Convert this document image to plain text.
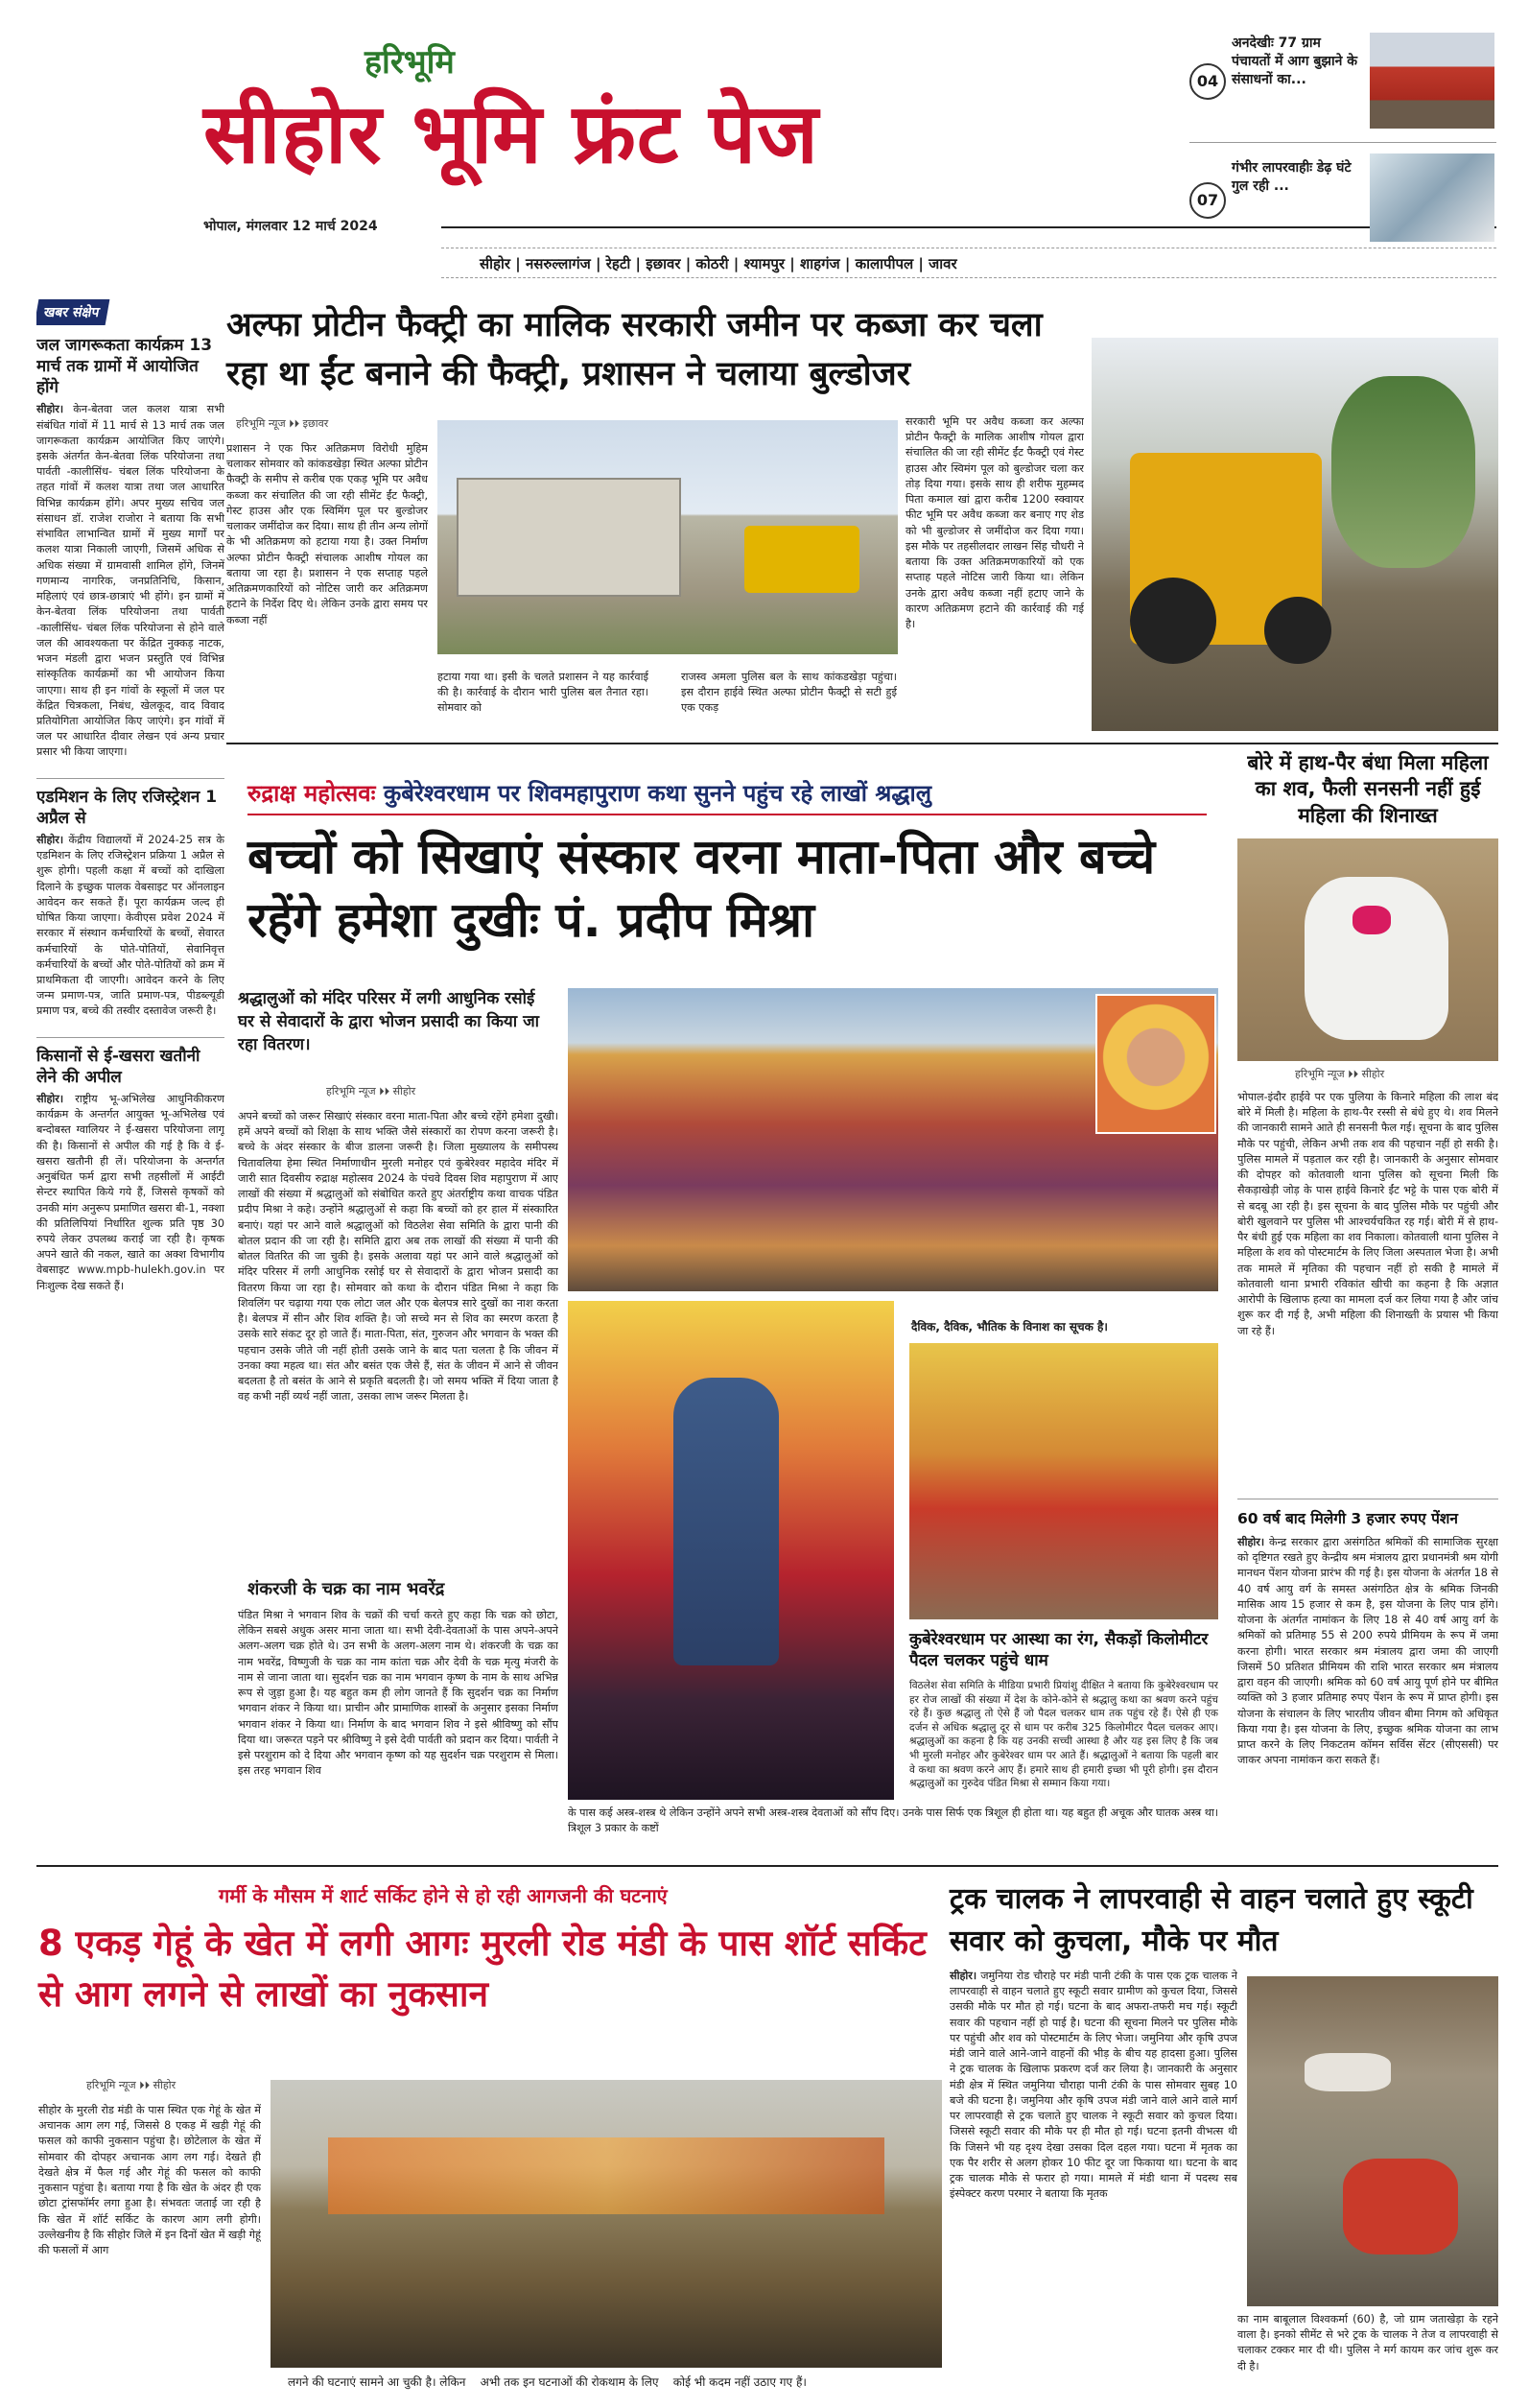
हरिभूमि
सीहोर भूमि फ्रंट पेज
भोपाल, मंगलवार 12 मार्च 2024
04
अनदेखीः 77 ग्राम पंचायतों में आग बुझाने के संसाधनों का...
07
गंभीर लापरवाहीः डेढ़ घंटे गुल रही ...
सीहोर | नसरुल्लागंज | रेहटी | इछावर | कोठरी | श्यामपुर | शाहगंज | कालापीपल | जावर
खबर संक्षेप
जल जागरूकता कार्यक्रम 13 मार्च तक ग्रामों में आयोजित होंगे
सीहोर। केन-बेतवा जल कलश यात्रा सभी संबंधित गांवों में 11 मार्च से 13 मार्च तक जल जागरूकता कार्यक्रम आयोजित किए जाएंगे। इसके अंतर्गत केन-बेतवा लिंक परियोजना तथा पार्वती -कालीसिंध- चंबल लिंक परियोजना के तहत गांवों में कलश यात्रा तथा जल आधारित विभिन्न कार्यक्रम होंगे। अपर मुख्य सचिव जल संसाधन डॉ. राजेश राजोरा ने बताया कि सभी संभावित लाभान्वित ग्रामों में मुख्य मार्गों पर कलश यात्रा निकाली जाएगी, जिसमें अधिक से अधिक संख्या में ग्रामवासी शामिल होंगे, जिनमें गणमान्य नागरिक, जनप्रतिनिधि, किसान, महिलाएं एवं छात्र-छात्राएं भी होंगे। इन ग्रामों में केन-बेतवा लिंक परियोजना तथा पार्वती -कालीसिंध- चंबल लिंक परियोजना से होने वाले जल की आवश्यकता पर केंद्रित नुक्कड़ नाटक, भजन मंडली द्वारा भजन प्रस्तुति एवं विभिन्न सांस्कृतिक कार्यक्रमों का भी आयोजन किया जाएगा। साथ ही इन गांवों के स्कूलों में जल पर केंद्रित चित्रकला, निबंध, खेलकूद, वाद विवाद प्रतियोगिता आयोजित किए जाएंगे। इन गांवों में जल पर आधारित दीवार लेखन एवं अन्य प्रचार प्रसार भी किया जाएगा।
एडमिशन के लिए रजिस्ट्रेशन 1 अप्रैल से
सीहोर। केंद्रीय विद्यालयों में 2024-25 सत्र के एडमिशन के लिए रजिस्ट्रेशन प्रक्रिया 1 अप्रैल से शुरू होगी। पहली कक्षा में बच्चों को दाखिला दिलाने के इच्छुक पालक वेबसाइट पर ऑनलाइन आवेदन कर सकते हैं। पूरा कार्यक्रम जल्द ही घोषित किया जाएगा। केवीएस प्रवेश 2024 में सरकार में संस्थान कर्मचारियों के बच्चों, सेवारत कर्मचारियों के पोते-पोतियों, सेवानिवृत्त कर्मचारियों के बच्चों और पोते-पोतियों को क्रम में प्राथमिकता दी जाएगी। आवेदन करने के लिए जन्म प्रमाण-पत्र, जाति प्रमाण-पत्र, पीडब्ल्यूडी प्रमाण पत्र, बच्चे की तस्वीर दस्तावेज जरूरी है।
किसानों से ई-खसरा खतौनी लेने की अपील
सीहोर। राष्ट्रीय भू-अभिलेख आधुनिकीकरण कार्यक्रम के अन्तर्गत आयुक्त भू-अभिलेख एवं बन्दोबस्त ग्वालियर ने ई-खसरा परियोजना लागू की है। किसानों से अपील की गई है कि वे ई-खसरा खतौनी ही लें। परियोजना के अन्तर्गत अनुबंधित फर्म द्वारा सभी तहसीलों में आईटी सेन्टर स्थापित किये गये हैं, जिससे कृषकों को उनकी मांग अनुरूप प्रमाणित खसरा बी-1, नक्शा की प्रतिलिपियां निर्धारित शुल्क प्रति पृष्ठ 30 रुपये लेकर उपलब्ध कराई जा रही है। कृषक अपने खाते की नकल, खाते का अक्श विभागीय वेबसाइट www.mpb-hulekh.gov.in पर निःशुल्क देख सकते हैं।
अल्फा प्रोटीन फैक्ट्री का मालिक सरकारी जमीन पर कब्जा कर चला रहा था ईंट बनाने की फैक्ट्री, प्रशासन ने चलाया बुल्डोजर
हरिभूमि न्यूज ⏵⏵ इछावर
प्रशासन ने एक फिर अतिक्रमण विरोधी मुहिम चलाकर सोमवार को कांकडखेड़ा स्थित अल्फा प्रोटीन फैक्ट्री के समीप से करीब एक एकड़ भूमि पर अवैध कब्जा कर संचालित की जा रही सीमेंट ईंट फैक्ट्री, गेस्ट हाउस और एक स्विमिंग पूल पर बुल्डोजर चलाकर जमींदोज कर दिया। साथ ही तीन अन्य लोगों के भी अतिक्रमण को हटाया गया है। उक्त निर्माण अल्फा प्रोटीन फैक्ट्री संचालक आशीष गोयल का बताया जा रहा है। प्रशासन ने एक सप्ताह पहले अतिक्रमणकारियों को नोटिस जारी कर अतिक्रमण हटाने के निर्देश दिए थे। लेकिन उनके द्वारा समय पर कब्जा नहीं
हटाया गया था। इसी के चलते प्रशासन ने यह कार्रवाई की है। कार्रवाई के दौरान भारी पुलिस बल तैनात रहा। सोमवार को
राजस्व अमला पुलिस बल के साथ कांकडखेड़ा पहुंचा। इस दौरान हाईवे स्थित अल्फा प्रोटीन फैक्ट्री से सटी हुई एक एकड़
सरकारी भूमि पर अवैध कब्जा कर अल्फा प्रोटीन फैक्ट्री के मालिक आशीष गोयल द्वारा संचालित की जा रही सीमेंट ईंट फैक्ट्री एवं गेस्ट हाउस और स्विमंग पूल को बुल्डोजर चला कर तोड़ दिया गया। इसके साथ ही शरीफ मुहम्मद पिता कमाल खां द्वारा करीब 1200 स्क्वायर फीट भूमि पर अवैध कब्जा कर बनाए गए शेड को भी बुल्डोजर से जमींदोज कर दिया गया। इस मौके पर तहसीलदार लाखन सिंह चौधरी ने बताया कि उक्त अतिक्रमणकारियों को एक सप्ताह पहले नोटिस जारी किया था। लेकिन उनके द्वारा अवैध कब्जा नहीं हटाए जाने के कारण अतिक्रमण हटाने की कार्रवाई की गई है।
रुद्राक्ष महोत्सवः कुबेरेश्वरधाम पर शिवमहापुराण कथा सुनने पहुंच रहे लाखों श्रद्धालु
बच्चों को सिखाएं संस्कार वरना माता-पिता और बच्चे रहेंगे हमेशा दुखीः पं. प्रदीप मिश्रा
श्रद्धालुओं को मंदिर परिसर में लगी आधुनिक रसोई घर से सेवादारों के द्वारा भोजन प्रसादी का किया जा रहा वितरण।
हरिभूमि न्यूज ⏵⏵ सीहोर
अपने बच्चों को जरूर सिखाएं संस्कार वरना माता-पिता और बच्चे रहेंगे हमेशा दुखी। हमें अपने बच्चों को शिक्षा के साथ भक्ति जैसे संस्कारों का रोपण करना जरूरी है। बच्चे के अंदर संस्कार के बीज डालना जरूरी है। जिला मुख्यालय के समीपस्थ चितावलिया हेमा स्थित निर्माणाधीन मुरली मनोहर एवं कुबेरेश्वर महादेव मंदिर में जारी सात दिवसीय रुद्राक्ष महोत्सव 2024 के पंचवे दिवस शिव महापुराण में आए लाखों की संख्या में श्रद्धालुओं को संबोधित करते हुए अंतर्राष्ट्रीय कथा वाचक पंडित प्रदीप मिश्रा ने कहे। उन्होंने श्रद्धालुओं से कहा कि बच्चों को हर हाल में संस्कारित बनाएं। यहां पर आने वाले श्रद्धालुओं को विठलेश सेवा समिति के द्वारा पानी की बोतल प्रदान की जा रही है। समिति द्वारा अब तक लाखों की संख्या में पानी की बोतल वितरित की जा चुकी है। इसके अलावा यहां पर आने वाले श्रद्धालुओं को मंदिर परिसर में लगी आधुनिक रसोई घर से सेवादारों के द्वारा भोजन प्रसादी का वितरण किया जा रहा है। सोमवार को कथा के दौरान पंडित मिश्रा ने कहा कि शिवलिंग पर चढ़ाया गया एक लोटा जल और एक बेलपत्र सारे दुखों का नाश करता है। बेलपत्र में सीन और शिव शक्ति है। जो सच्चे मन से शिव का स्मरण करता है उसके सारे संकट दूर हो जाते हैं। माता-पिता, संत, गुरुजन और भगवान के भक्त की पहचान उसके जीते जी नहीं होती उसके जाने के बाद पता चलता है कि जीवन में उनका क्या महत्व था। संत और बसंत एक जैसे हैं, संत के जीवन में आने से जीवन बदलता है तो बसंत के आने से प्रकृति बदलती है। जो समय भक्ति में दिया जाता है वह कभी नहीं व्यर्थ नहीं जाता, उसका लाभ जरूर मिलता है।
शंकरजी के चक्र का नाम भवरेंद्र
पंडित मिश्रा ने भगवान शिव के चक्रों की चर्चा करते हुए कहा कि चक्र को छोटा, लेकिन सबसे अधुक असर माना जाता था। सभी देवी-देवताओं के पास अपने-अपने अलग-अलग चक्र होते थे। उन सभी के अलग-अलग नाम थे। शंकरजी के चक्र का नाम भवरेंद्र, विष्णुजी के चक्र का नाम कांता चक्र और देवी के चक्र मृत्यु मंजरी के नाम से जाना जाता था। सुदर्शन चक्र का नाम भगवान कृष्ण के नाम के साथ अभिन्न रूप से जुड़ा हुआ है। यह बहुत कम ही लोग जानते हैं कि सुदर्शन चक्र का निर्माण भगवान शंकर ने किया था। प्राचीन और प्रामाणिक शास्त्रों के अनुसार इसका निर्माण भगवान शंकर ने किया था। निर्माण के बाद भगवान शिव ने इसे श्रीविष्णु को सौंप दिया था। जरूरत पड़ने पर श्रीविष्णु ने इसे देवी पार्वती को प्रदान कर दिया। पार्वती ने इसे परशुराम को दे दिया और भगवान कृष्ण को यह सुदर्शन चक्र परशुराम से मिला। इस तरह भगवान शिव
दैविक, दैविक, भौतिक के विनाश का सूचक है।
कुबेरेश्वरधाम पर आस्था का रंग, सैकड़ों किलोमीटर पैदल चलकर पहुंचे धाम
विठलेश सेवा समिति के मीडिया प्रभारी प्रियांशु दीक्षित ने बताया कि कुबेरेश्वरधाम पर हर रोज लाखों की संख्या में देश के कोने-कोने से श्रद्धालु कथा का श्रवण करने पहुंच रहे हैं। कुछ श्रद्धालु तो ऐसे हैं जो पैदल चलकर धाम तक पहुंच रहे हैं। ऐसे ही एक दर्जन से अधिक श्रद्धालु दूर से धाम पर करीब 325 किलोमीटर पैदल चलकर आए। श्रद्धालुओं का कहना है कि यह उनकी सच्ची आस्था है और यह इस लिए है कि जब भी मुरली मनोहर और कुबेरेश्वर धाम पर आते हैं। श्रद्धालुओं ने बताया कि पहली बार वे कथा का श्रवण करने आए हैं। हमारे साथ ही हमारी इच्छा भी पूरी होगी। इस दौरान श्रद्धालुओं का गुरुदेव पंडित मिश्रा से सम्मान किया गया।
के पास कई अस्त्र-शस्त्र थे लेकिन उन्होंने अपने सभी अस्त्र-शस्त्र देवताओं को सौंप दिए। उनके पास सिर्फ एक त्रिशूल ही होता था। यह बहुत ही अचूक और घातक अस्त्र था। त्रिशूल 3 प्रकार के कष्टों
बोरे में हाथ-पैर बंधा मिला महिला का शव, फैली सनसनी नहीं हुई महिला की शिनाख्त
हरिभूमि न्यूज ⏵⏵ सीहोर
भोपाल-इंदौर हाईवे पर एक पुलिया के किनारे महिला की लाश बंद बोरे में मिली है। महिला के हाथ-पैर रस्सी से बंधे हुए थे। शव मिलने की जानकारी सामने आते ही सनसनी फैल गई। सूचना के बाद पुलिस मौके पर पहुंची, लेकिन अभी तक शव की पहचान नहीं हो सकी है। पुलिस मामले में पड़ताल कर रही है। जानकारी के अनुसार सोमवार की दोपहर को कोतवाली थाना पुलिस को सूचना मिली कि सैकड़ाखेड़ी जोड़ के पास हाईवे किनारे ईंट भट्टे के पास एक बोरी में से बदबू आ रही है। इस सूचना के बाद पुलिस मौके पर पहुंची और बोरी खुलवाने पर पुलिस भी आश्चर्यचकित रह गई। बोरी में से हाथ-पैर बंधी हुई एक महिला का शव निकाला। कोतवाली थाना पुलिस ने महिला के शव को पोस्टमार्टम के लिए जिला अस्पताल भेजा है। अभी तक मामले में मृतिका की पहचान नहीं हो सकी है मामले में कोतवाली थाना प्रभारी रविकांत खीची का कहना है कि अज्ञात आरोपी के खिलाफ हत्या का मामला दर्ज कर लिया गया है और जांच शुरू कर दी गई है, अभी महिला की शिनाख्ती के प्रयास भी किया जा रहे हैं।
60 वर्ष बाद मिलेगी 3 हजार रुपए पेंशन
सीहोर। केन्द्र सरकार द्वारा असंगठित श्रमिकों की सामाजिक सुरक्षा को दृष्टिगत रखते हुए केन्द्रीय श्रम मंत्रालय द्वारा प्रधानमंत्री श्रम योगी मानधन पेंशन योजना प्रारंभ की गई है। इस योजना के अंतर्गत 18 से 40 वर्ष आयु वर्ग के समस्त असंगठित क्षेत्र के श्रमिक जिनकी मासिक आय 15 हजार से कम है, इस योजना के लिए पात्र होंगे। योजना के अंतर्गत नामांकन के लिए 18 से 40 वर्ष आयु वर्ग के श्रमिकों को प्रतिमाह 55 से 200 रुपये प्रीमियम के रूप में जमा करना होगी। भारत सरकार श्रम मंत्रालय द्वारा जमा की जाएगी जिसमें 50 प्रतिशत प्रीमियम की राशि भारत सरकार श्रम मंत्रालय द्वारा वहन की जाएगी। श्रमिक को 60 वर्ष आयु पूर्ण होने पर बीमित व्यक्ति को 3 हजार प्रतिमाह रुपए पेंशन के रूप में प्राप्त होगी। इस योजना के संचालन के लिए भारतीय जीवन बीमा निगम को अधिकृत किया गया है। इस योजना के लिए, इच्छुक श्रमिक योजना का लाभ प्राप्त करने के लिए निकटतम कॉमन सर्विस सेंटर (सीएससी) पर जाकर अपना नामांकन करा सकते हैं।
गर्मी के मौसम में शार्ट सर्किट होने से हो रही आगजनी की घटनाएं
8 एकड़ गेहूं के खेत में लगी आगः मुरली रोड मंडी के पास शॉर्ट सर्किट से आग लगने से लाखों का नुकसान
हरिभूमि न्यूज ⏵⏵ सीहोर
सीहोर के मुरली रोड मंडी के पास स्थित एक गेहूं के खेत में अचानक आग लग गई, जिससे 8 एकड़ में खड़ी गेहूं की फसल को काफी नुकसान पहुंचा है। छोटेलाल के खेत में सोमवार की दोपहर अचानक आग लग गई। देखते ही देखते क्षेत्र में फैल गई और गेहूं की फसल को काफी नुकसान पहुंचा है। बताया गया है कि खेत के अंदर ही एक छोटा ट्रांसफॉर्मर लगा हुआ है। संभवतः जताई जा रही है कि खेत में शॉर्ट सर्किट के कारण आग लगी होगी। उल्लेखनीय है कि सीहोर जिले में इन दिनों खेत में खड़ी गेहूं की फसलों में आग
लगने की घटनाएं सामने आ चुकी है। लेकिन    अभी तक इन घटनाओं की रोकथाम के लिए    कोई भी कदम नहीं उठाए गए हैं।
ट्रक चालक ने लापरवाही से वाहन चलाते हुए स्कूटी सवार को कुचला, मौके पर मौत
सीहोर। जमुनिया रोड चौराहे पर मंडी पानी टंकी के पास एक ट्रक चालक ने लापरवाही से वाहन चलाते हुए स्कूटी सवार ग्रामीण को कुचल दिया, जिससे उसकी मौके पर मौत हो गई। घटना के बाद अफरा-तफरी मच गई। स्कूटी सवार की पहचान नहीं हो पाई है। घटना की सूचना मिलने पर पुलिस मौके पर पहुंची और शव को पोस्टमार्टम के लिए भेजा। जमुनिया और कृषि उपज मंडी जाने वाले आने-जाने वाहनों की भीड़ के बीच यह हादसा हुआ। पुलिस ने ट्रक चालक के खिलाफ प्रकरण दर्ज कर लिया है। जानकारी के अनुसार मंडी क्षेत्र में स्थित जमुनिया चौराहा पानी टंकी के पास सोमवार सुबह 10 बजे की घटना है। जमुनिया और कृषि उपज मंडी जाने वाले आने वाले मार्ग पर लापरवाही से ट्रक चलाते हुए चालक ने स्कूटी सवार को कुचल दिया। जिससे स्कूटी सवार की मौके पर ही मौत हो गई। घटना इतनी वीभत्स थी कि जिसने भी यह दृश्य देखा उसका दिल दहल गया। घटना में मृतक का एक पैर शरीर से अलग होकर 10 फीट दूर जा फिकाया था। घटना के बाद ट्रक चालक मौके से फरार हो गया। मामले में मंडी थाना में पदस्थ सब इंस्पेक्टर करण परमार ने बताया कि मृतक
का नाम बाबूलाल विश्वकर्मा (60) है, जो ग्राम जताखेड़ा के रहने वाला है। इनको सीमेंट से भरे ट्रक के चालक ने तेज व लापरवाही से चलाकर टक्कर मार दी थी। पुलिस ने मर्ग कायम कर जांच शुरू कर दी है।
